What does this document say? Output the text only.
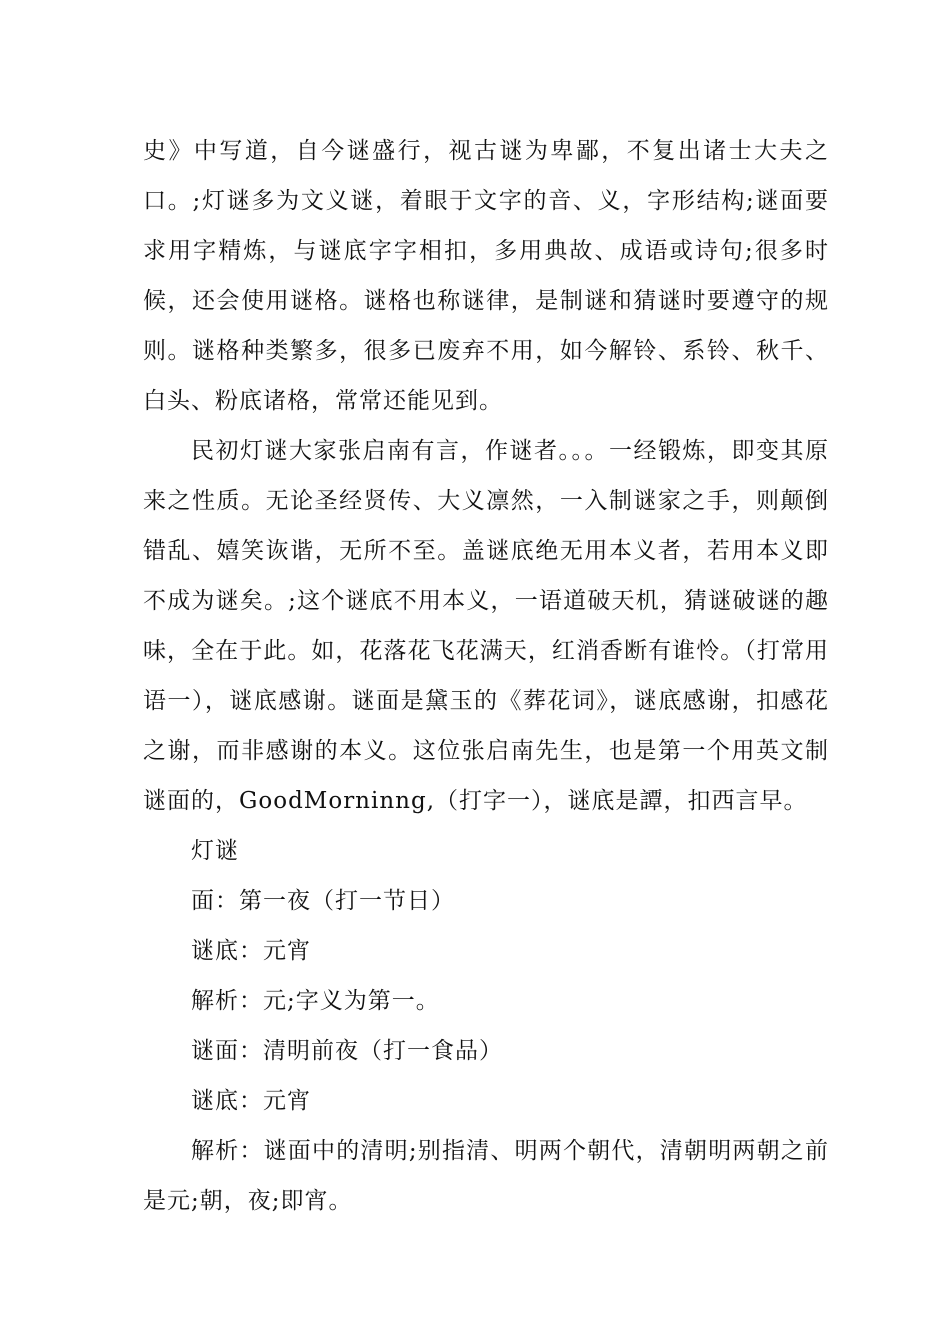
史》中写道，自今谜盛行，视古谜为卑鄙，不复出诸士大夫之口。;灯谜多为文义谜，着眼于文字的音、义，字形结构;谜面要求用字精炼，与谜底字字相扣，多用典故、成语或诗句;很多时候，还会使用谜格。谜格也称谜律，是制谜和猜谜时要遵守的规则。谜格种类繁多，很多已废弃不用，如今解铃、系铃、秋千、白头、粉底诸格，常常还能见到。

民初灯谜大家张启南有言，作谜者。。。一经锻炼，即变其原来之性质。无论圣经贤传、大义凛然，一入制谜家之手，则颠倒错乱、嬉笑诙谐，无所不至。盖谜底绝无用本义者，若用本义即不成为谜矣。;这个谜底不用本义，一语道破天机，猜谜破谜的趣味，全在于此。如，花落花飞花满天，红消香断有谁怜。（打常用语一），谜底感谢。谜面是黛玉的《葬花词》，谜底感谢，扣感花之谢，而非感谢的本义。这位张启南先生，也是第一个用英文制谜面的，GoodMorninng,（打字一），谜底是譚，扣西言早。

灯谜

面：第一夜（打一节日）

谜底：元宵

解析：元;字义为第一。

谜面：清明前夜（打一食品）

谜底：元宵

解析：谜面中的清明;别指清、明两个朝代，清朝明两朝之前是元;朝，夜;即宵。
